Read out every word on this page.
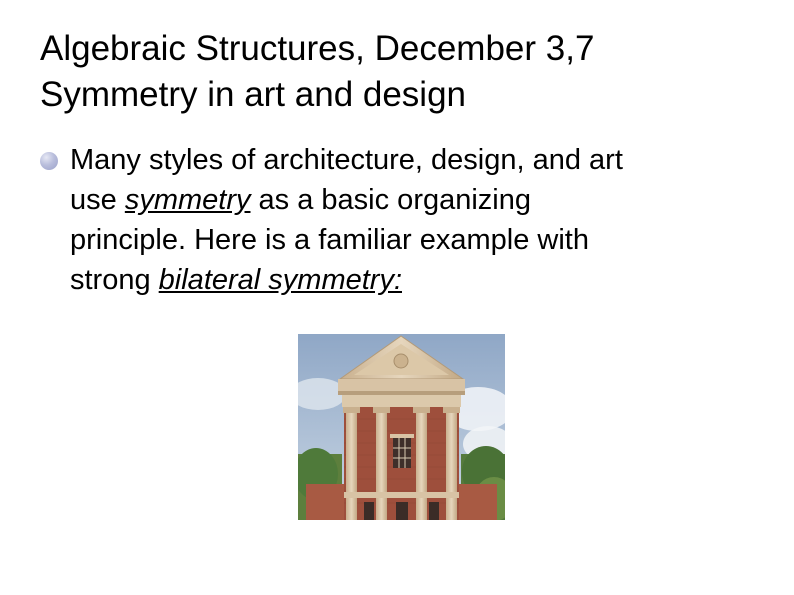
Algebraic Structures, December 3,7
Symmetry in art and design
Many styles of architecture, design, and art
use symmetry as a basic organizing
principle. Here is a familiar example with
strong bilateral symmetry:
